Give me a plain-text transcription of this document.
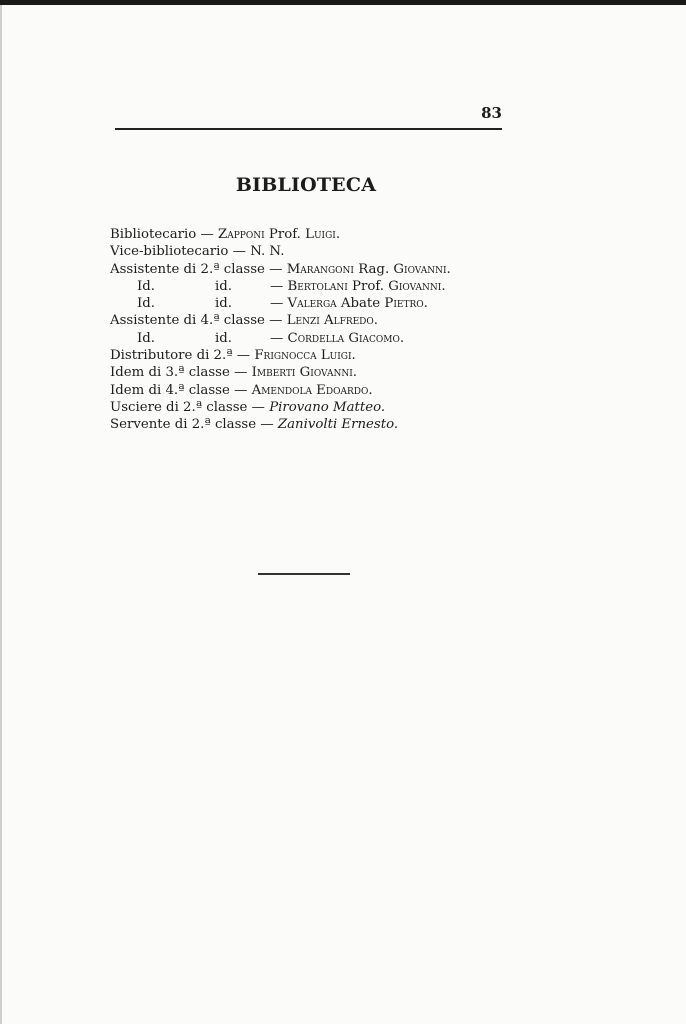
83
BIBLIOTECA
Bibliotecario — Zapponi Prof. Luigi.
Vice-bibliotecario — N. N.
Assistente di 2.ª classe — Marangoni Rag. Giovanni.
Id.	id.	— Bertolani Prof. Giovanni.
Id.	id.	— Valerga Abate Pietro.
Assistente di 4.ª classe — Lenzi Alfredo.
Id.	id.	— Cordella Giacomo.
Distributore di 2.ª — Frignocca Luigi.
Idem di 3.ª classe — Imberti Giovanni.
Idem di 4.ª classe — Amendola Edoardo.
Usciere di 2.ª classe — Pirovano Matteo.
Servente di 2.ª classe — Zanivolti Ernesto.
